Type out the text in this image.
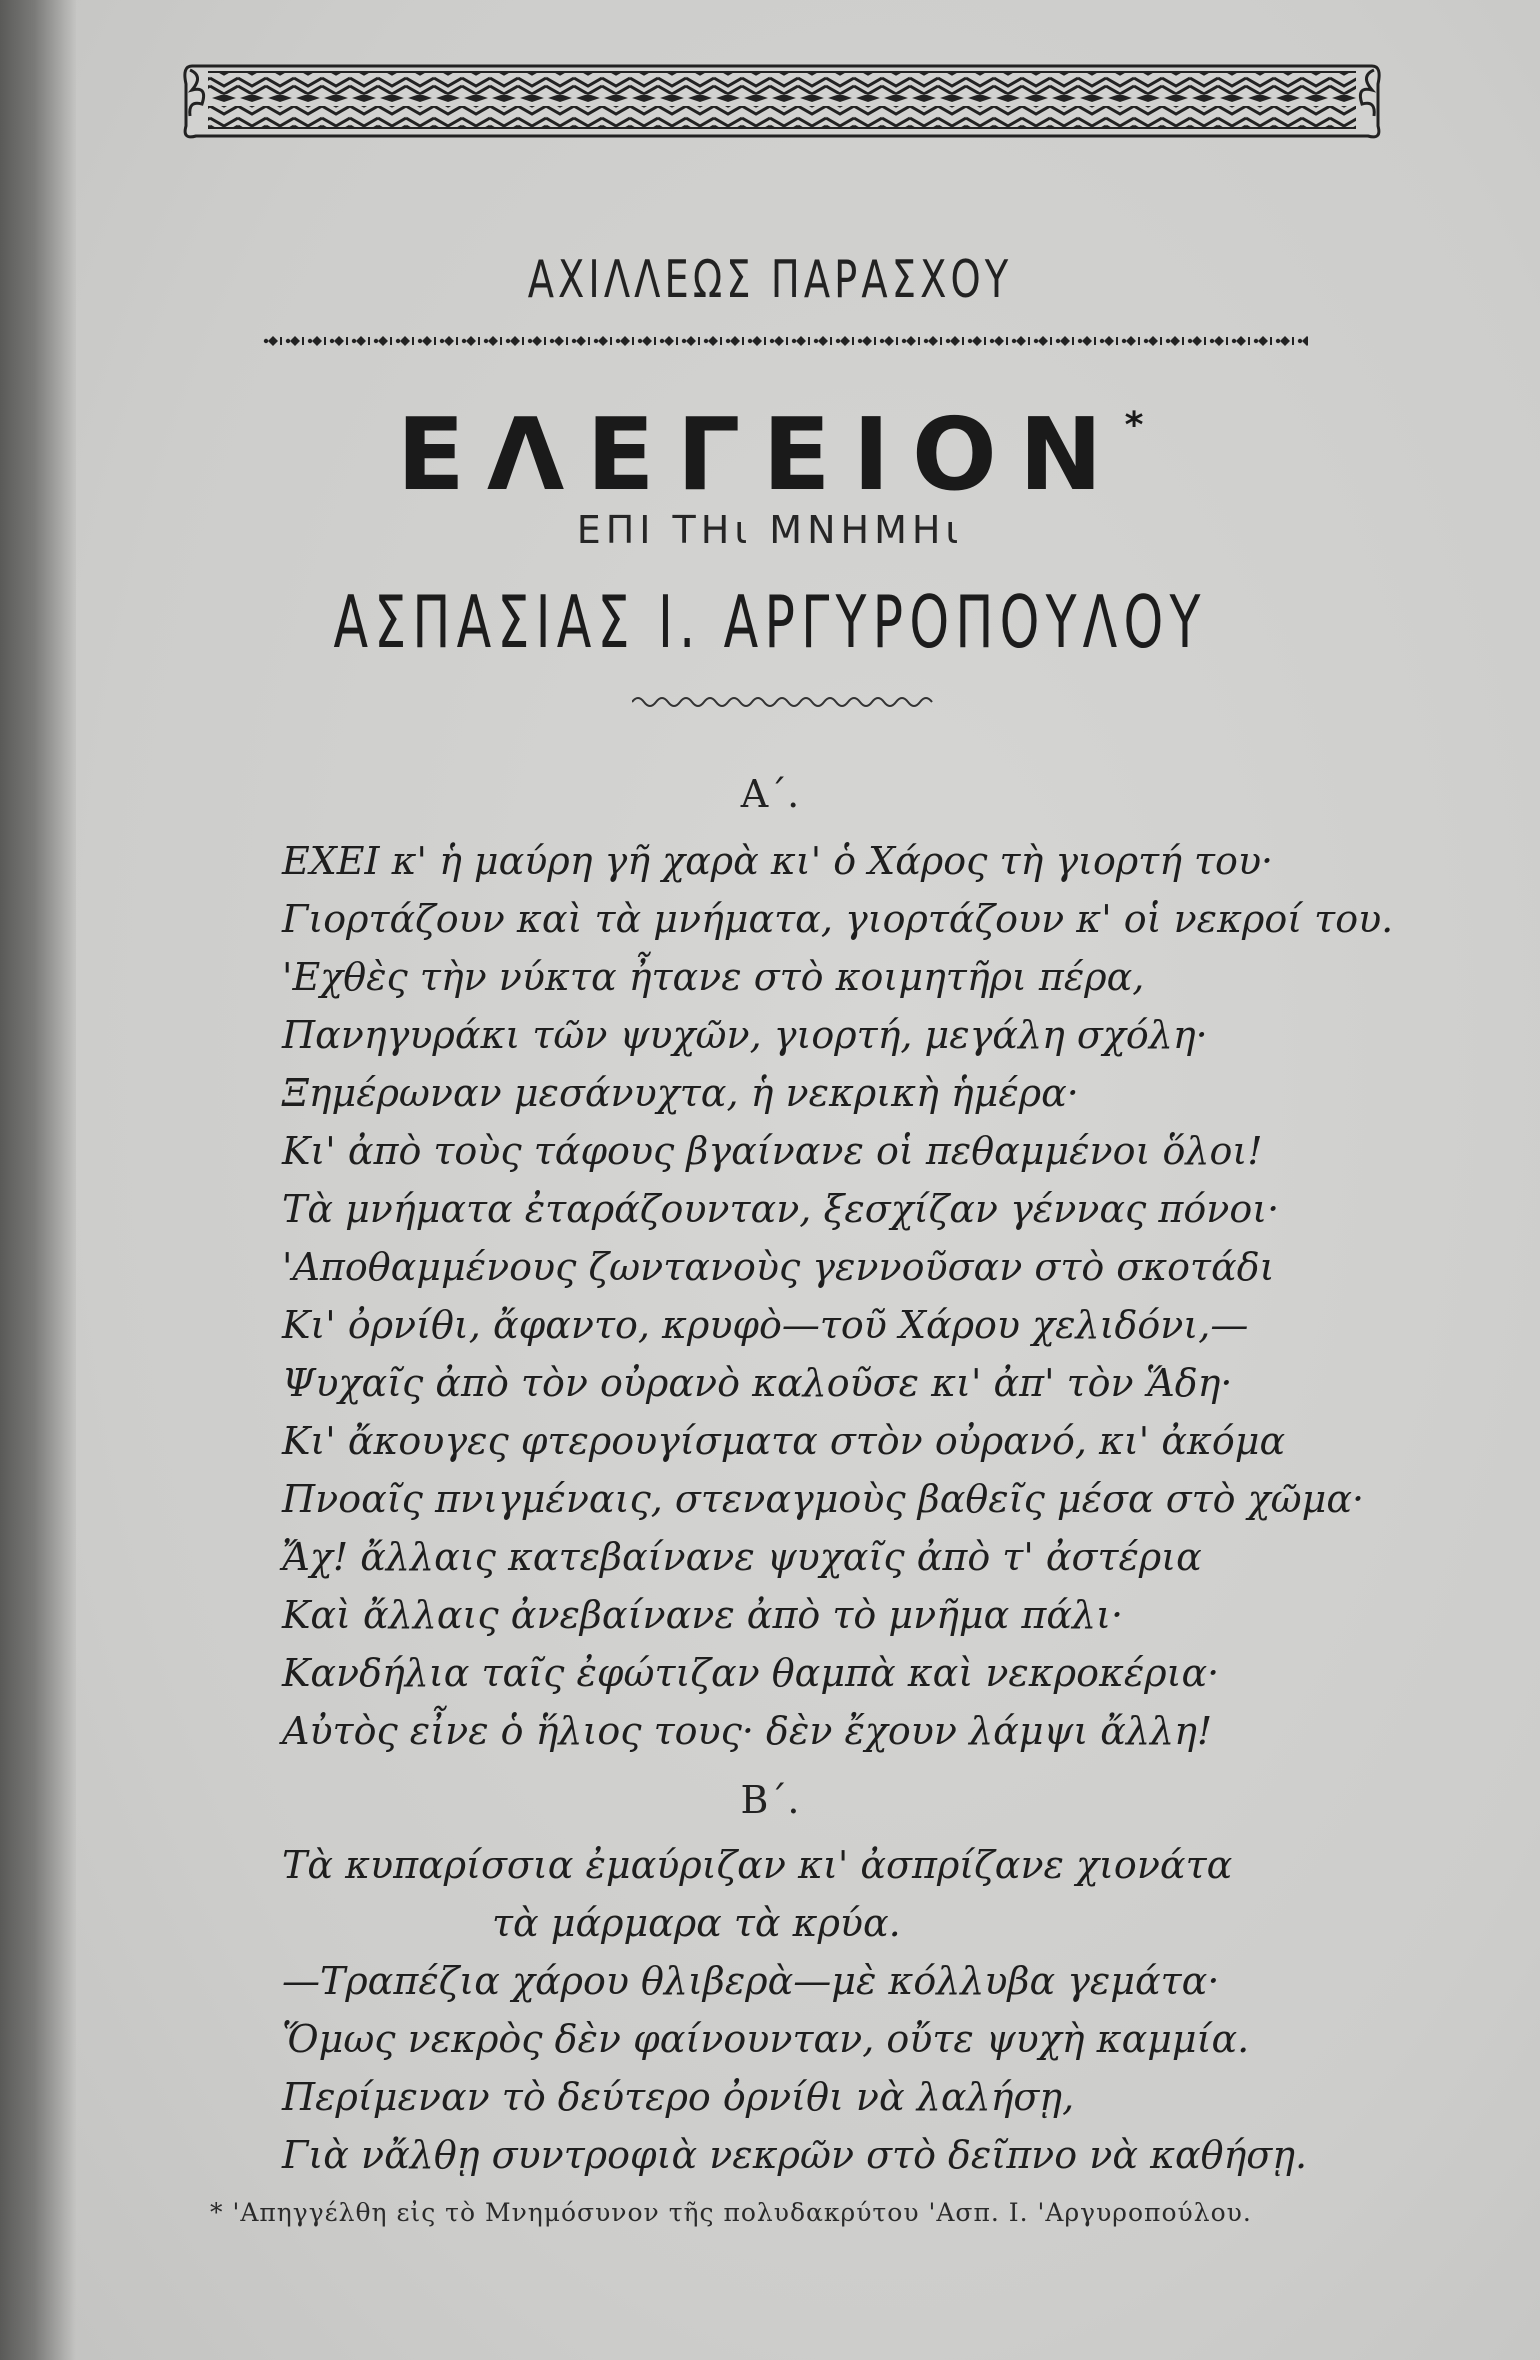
ΑΧΙΛΛΕΩΣ ΠΑΡΑΣΧΟΥ
ΕΛΕΓΕΙΟΝ*
ΕΠΙ ΤΗι ΜΝΗΜΗι
ΑΣΠΑΣΙΑΣ Ι. ΑΡΓΥΡΟΠΟΥΛΟΥ
Α΄.
ΕΧΕΙ κ' ἡ μαύρη γῆ χαρὰ κι' ὁ Χάρος τὴ γιορτή του·
Γιορτάζουν καὶ τὰ μνήματα, γιορτάζουν κ' οἱ νεκροί του.
'Εχθὲς τὴν νύκτα ἦτανε στὸ κοιμητῆρι πέρα,
Πανηγυράκι τῶν ψυχῶν, γιορτή, μεγάλη σχόλη·
Ξημέρωναν μεσάνυχτα, ἡ νεκρικὴ ἡμέρα·
Κι' ἀπὸ τοὺς τάφους βγαίνανε οἱ πεθαμμένοι ὅλοι!
Τὰ μνήματα ἐταράζουνταν, ξεσχίζαν γέννας πόνοι·
'Αποθαμμένους ζωντανοὺς γεννοῦσαν στὸ σκοτάδι
Κι' ὀρνίθι, ἄφαντο, κρυφὸ—τοῦ Χάρου χελιδόνι,—
Ψυχαῖς ἀπὸ τὸν οὐρανὸ καλοῦσε κι' ἀπ' τὸν Ἅδη·
Κι' ἄκουγες φτερουγίσματα στὸν οὐρανό, κι' ἀκόμα
Πνοαῖς πνιγμέναις, στεναγμοὺς βαθεῖς μέσα στὸ χῶμα·
Ἄχ! ἄλλαις κατεβαίνανε ψυχαῖς ἀπὸ τ' ἀστέρια
Καὶ ἄλλαις ἀνεβαίνανε ἀπὸ τὸ μνῆμα πάλι·
Κανδήλια ταῖς ἐφώτιζαν θαμπὰ καὶ νεκροκέρια·
Αὐτὸς εἶνε ὁ ἥλιος τους· δὲν ἔχουν λάμψι ἄλλη!
Β΄.
Τὰ κυπαρίσσια ἐμαύριζαν κι' ἀσπρίζανε χιονάτα
τὰ μάρμαρα τὰ κρύα.
—Τραπέζια χάρου θλιβερὰ—μὲ κόλλυβα γεμάτα·
Ὅμως νεκρὸς δὲν φαίνουνταν, οὔτε ψυχὴ καμμία.
Περίμεναν τὸ δεύτερο ὀρνίθι νὰ λαλήσῃ,
Γιὰ νἄλθῃ συντροφιὰ νεκρῶν στὸ δεῖπνο νὰ καθήσῃ.
* 'Απηγγέλθη εἰς τὸ Μνημόσυνον τῆς πολυδακρύτου 'Ασπ. Ι. 'Αργυροπούλου.
